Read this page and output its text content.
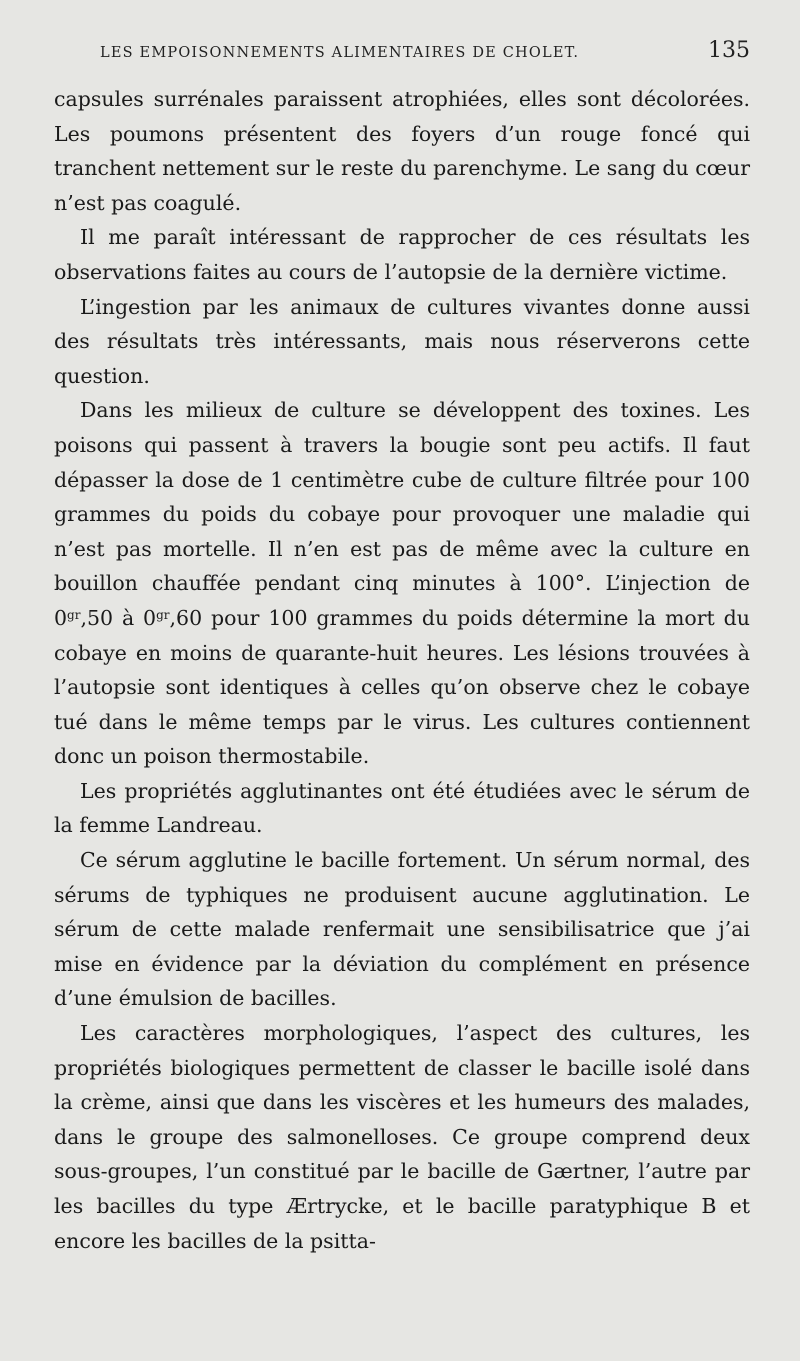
LES EMPOISONNEMENTS ALIMENTAIRES DE CHOLET.	135

capsules surrénales paraissent atrophiées, elles sont décolorées. Les poumons présentent des foyers d’un rouge foncé qui tranchent nettement sur le reste du parenchyme. Le sang du cœur n’est pas coagulé.

Il me paraît intéressant de rapprocher de ces résultats les observations faites au cours de l’autopsie de la dernière victime.

L’ingestion par les animaux de cultures vivantes donne aussi des résultats très intéressants, mais nous réserverons cette question.

Dans les milieux de culture se développent des toxines. Les poisons qui passent à travers la bougie sont peu actifs. Il faut dépasser la dose de 1 centimètre cube de culture filtrée pour 100 grammes du poids du cobaye pour provoquer une maladie qui n’est pas mortelle. Il n’en est pas de même avec la culture en bouillon chauffée pendant cinq minutes à 100°. L’injection de $0^{gr},50$ à $0^{gr},60$ pour 100 grammes du poids détermine la mort du cobaye en moins de quarante-huit heures. Les lésions trouvées à l’autopsie sont identiques à celles qu’on observe chez le cobaye tué dans le même temps par le virus. Les cultures contiennent donc un poison thermostabile.

Les propriétés agglutinantes ont été étudiées avec le sérum de la femme Landreau.

Ce sérum agglutine le bacille fortement. Un sérum normal, des sérums de typhiques ne produisent aucune agglutination. Le sérum de cette malade renfermait une sensibilisatrice que j’ai mise en évidence par la déviation du complément en présence d’une émulsion de bacilles.

Les caractères morphologiques, l’aspect des cultures, les propriétés biologiques permettent de classer le bacille isolé dans la crème, ainsi que dans les viscères et les humeurs des malades, dans le groupe des salmonelloses. Ce groupe comprend deux sous-groupes, l’un constitué par le bacille de Gærtner, l’autre par les bacilles du type Ærtrycke, et le bacille paratyphique B et encore les bacilles de la psitta-
